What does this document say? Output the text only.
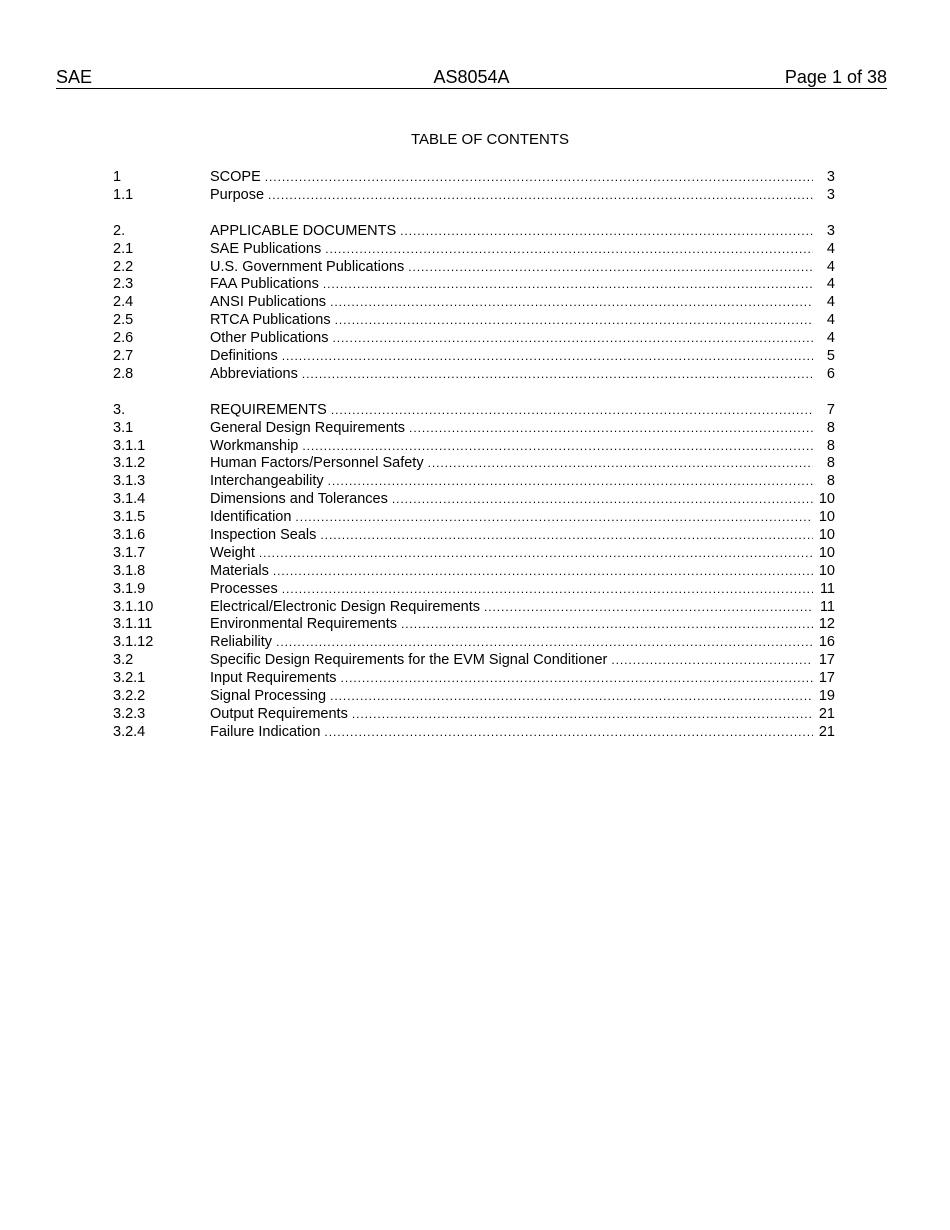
SAE	AS8054A	Page 1 of 38
TABLE OF CONTENTS
1	SCOPE . . .	3
1.1	Purpose . . .	3
2.	APPLICABLE DOCUMENTS . . .	3
2.1	SAE Publications . . .	4
2.2	U.S. Government Publications . . .	4
2.3	FAA Publications . . .	4
2.4	ANSI Publications . . .	4
2.5	RTCA Publications . . .	4
2.6	Other Publications . . .	4
2.7	Definitions . . .	5
2.8	Abbreviations . . .	6
3.	REQUIREMENTS . . .	7
3.1	General Design Requirements . . .	8
3.1.1	Workmanship . . .	8
3.1.2	Human Factors/Personnel Safety . . .	8
3.1.3	Interchangeability . . .	8
3.1.4	Dimensions and Tolerances . . .	10
3.1.5	Identification . . .	10
3.1.6	Inspection Seals . . .	10
3.1.7	Weight . . .	10
3.1.8	Materials . . .	10
3.1.9	Processes . . .	11
3.1.10	Electrical/Electronic Design Requirements . . .	11
3.1.11	Environmental Requirements . . .	12
3.1.12	Reliability . . .	16
3.2	Specific Design Requirements for the EVM Signal Conditioner . . .	17
3.2.1	Input Requirements . . .	17
3.2.2	Signal Processing . . .	19
3.2.3	Output Requirements . . .	21
3.2.4	Failure Indication . . .	21
